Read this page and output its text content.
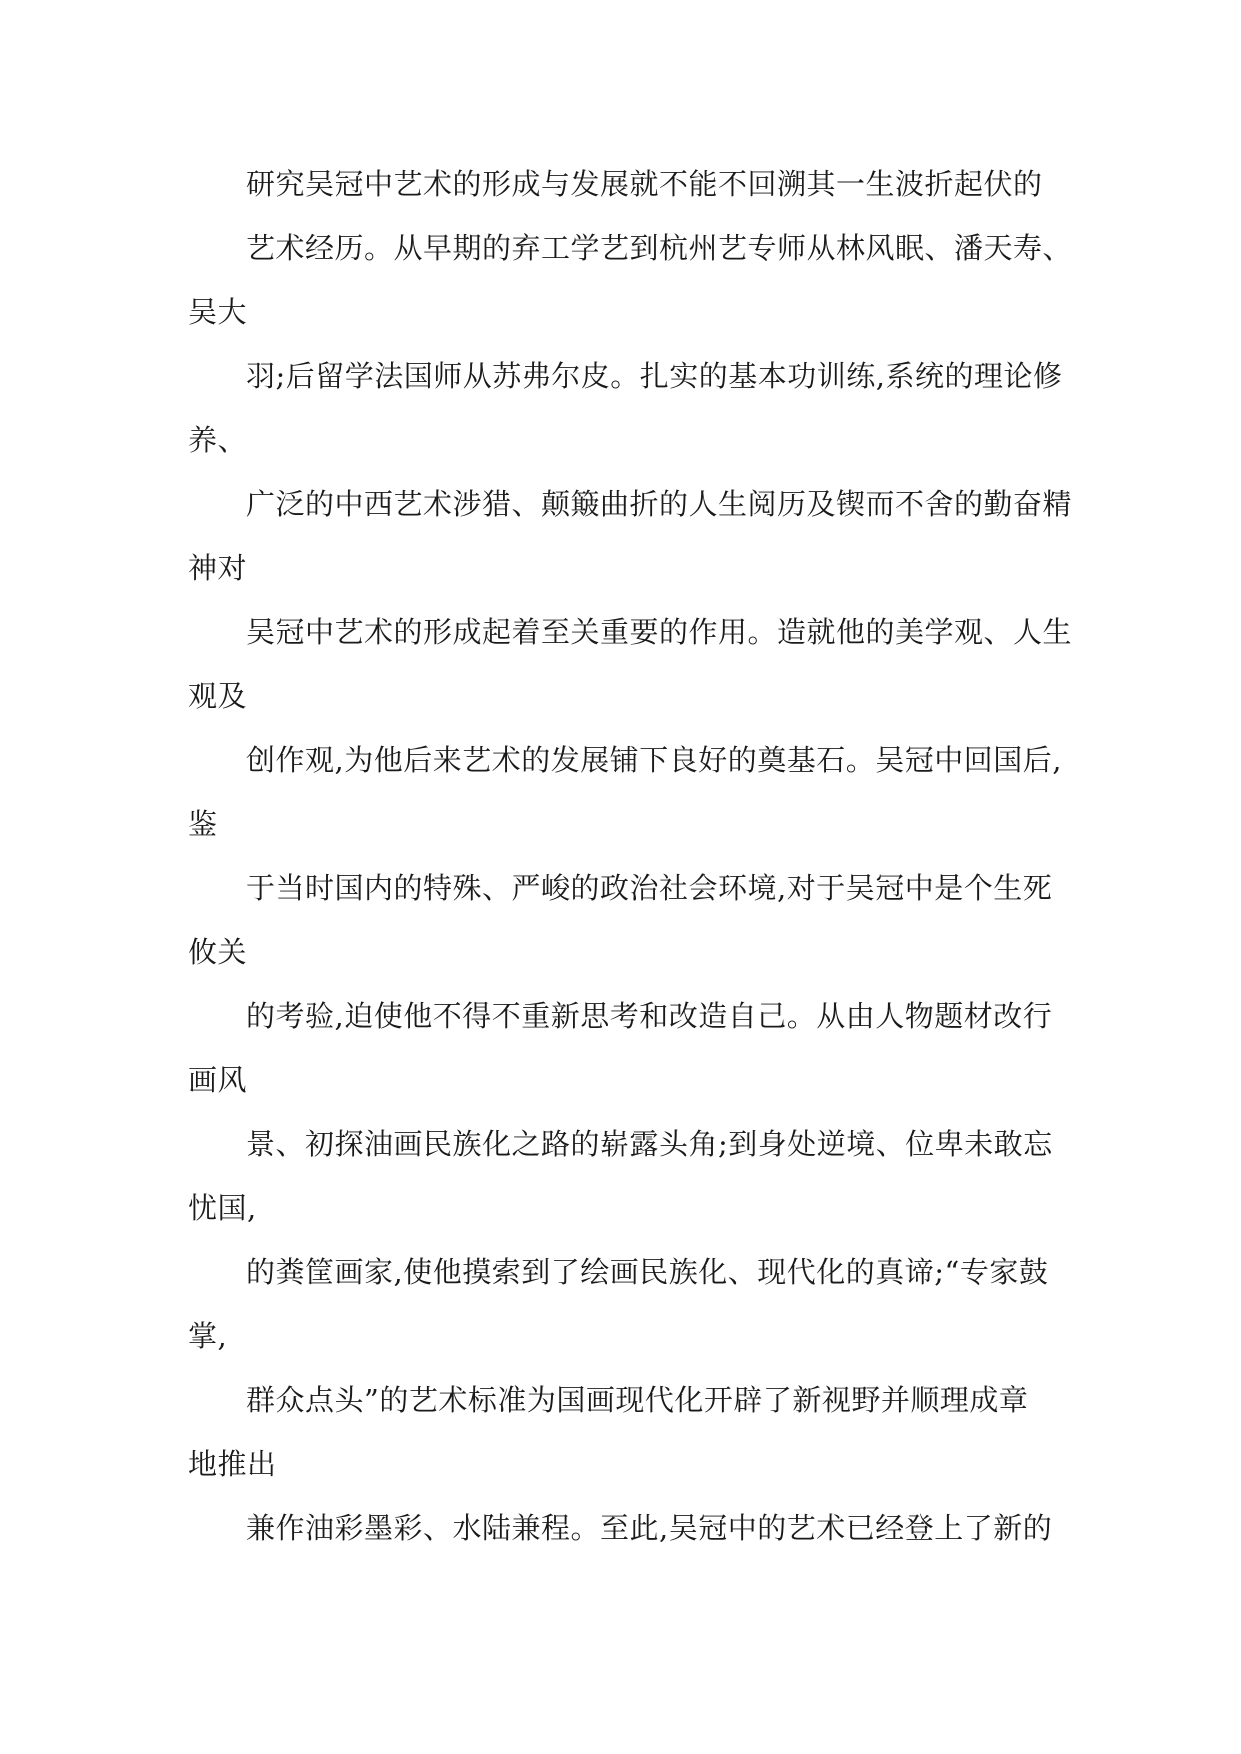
研究吴冠中艺术的形成与发展就不能不回溯其一生波折起伏的

艺术经历。从早期的弃工学艺到杭州艺专师从林风眠、潘天寿、

吴大

羽;后留学法国师从苏弗尔皮。扎实的基本功训练,系统的理论修

养、

广泛的中西艺术涉猎、颠簸曲折的人生阅历及锲而不舍的勤奋精

神对

吴冠中艺术的形成起着至关重要的作用。造就他的美学观、人生

观及

创作观,为他后来艺术的发展铺下良好的奠基石。吴冠中回国后,

鉴

于当时国内的特殊、严峻的政治社会环境,对于吴冠中是个生死

攸关

的考验,迫使他不得不重新思考和改造自己。从由人物题材改行

画风

景、初探油画民族化之路的崭露头角;到身处逆境、位卑未敢忘

忧国,

的粪筐画家,使他摸索到了绘画民族化、现代化的真谛;“专家鼓

掌,

群众点头”的艺术标准为国画现代化开辟了新视野并顺理成章

地推出

兼作油彩墨彩、水陆兼程。至此,吴冠中的艺术已经登上了新的
